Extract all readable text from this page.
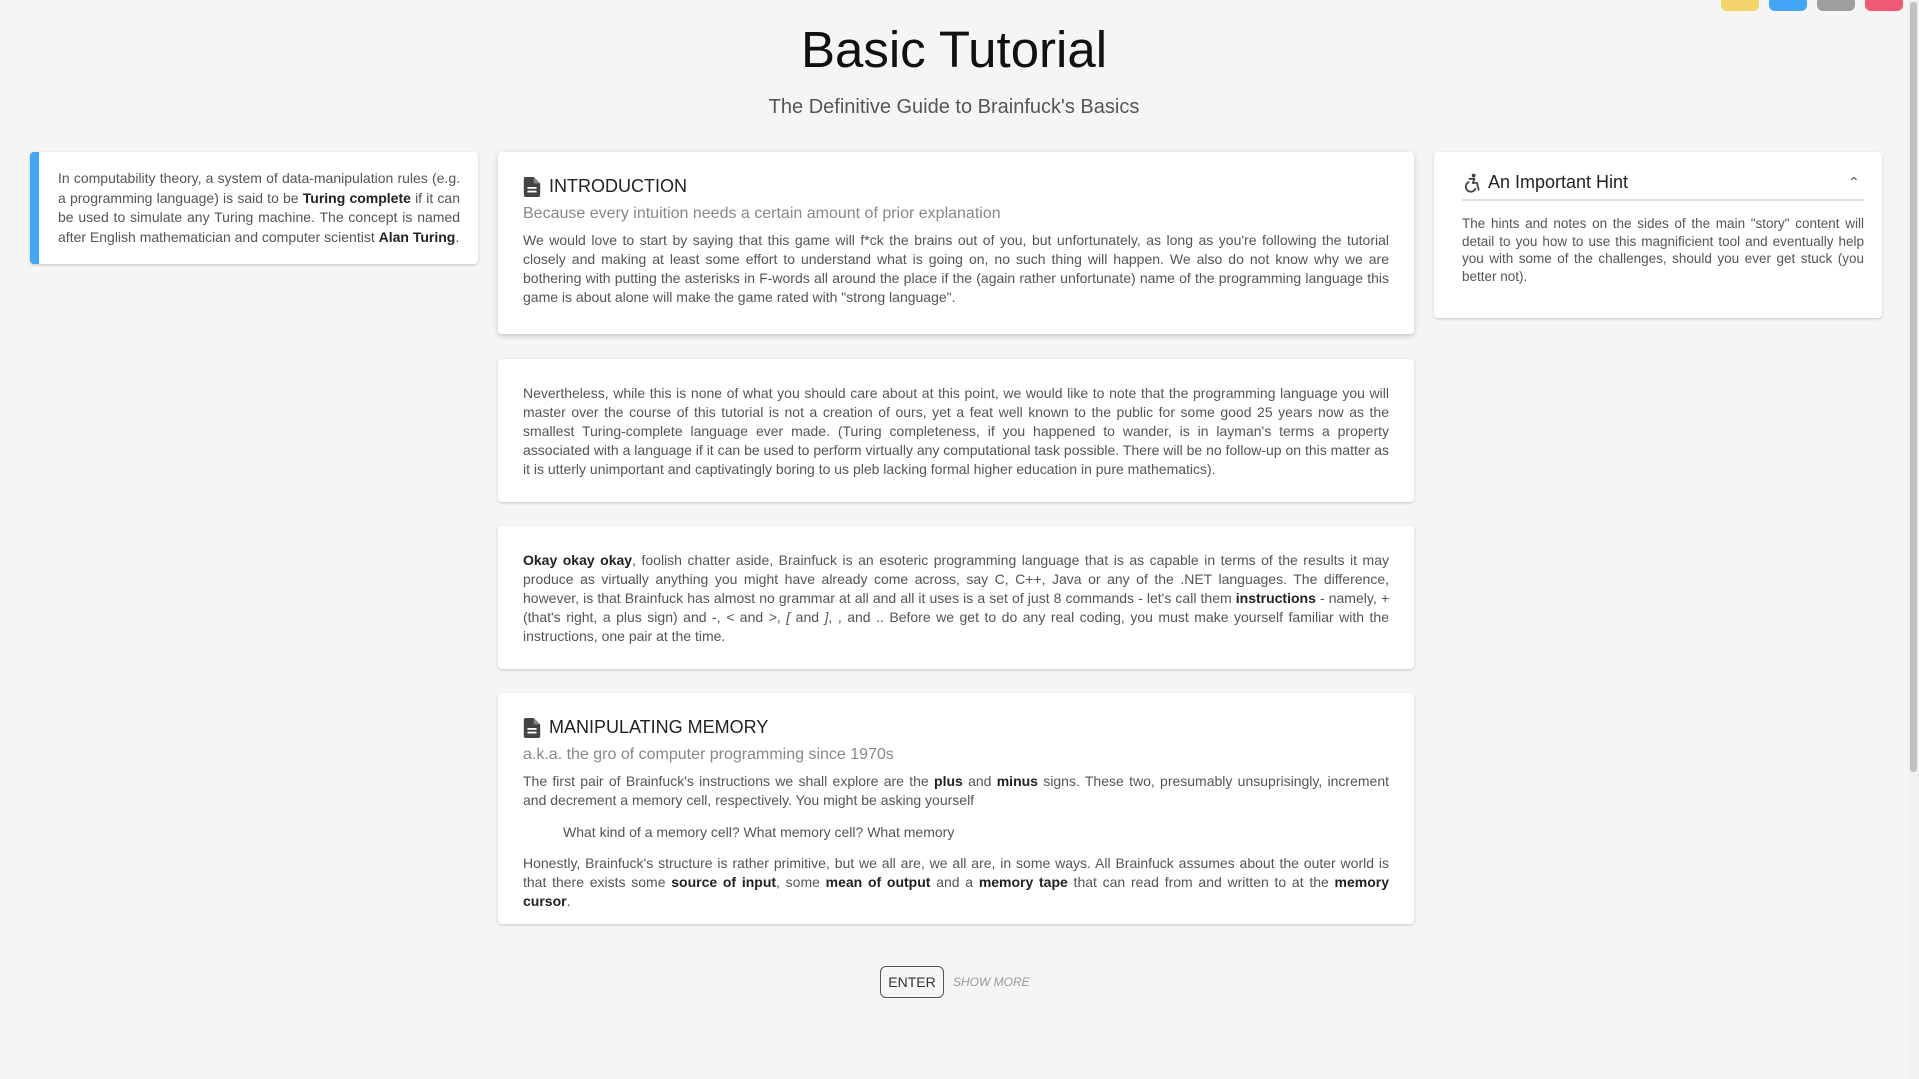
Basic Tutorial

The Definitive Guide to Brainfuck's Basics

In computability theory, a system of data-manipulation rules (e.g. a programming language) is said to be Turing complete if it can be used to simulate any Turing machine. The concept is named after English mathematician and computer scientist Alan Turing.
INTRODUCTION
Because every intuition needs a certain amount of prior explanation

We would love to start by saying that this game will f*ck the brains out of you, but unfortunately, as long as you're following the tutorial closely and making at least some effort to understand what is going on, no such thing will happen. We also do not know why we are bothering with putting the asterisks in F-words all around the place if the (again rather unfortunate) name of the programming language this game is about alone will make the game rated with "strong language".

Nevertheless, while this is none of what you should care about at this point, we would like to note that the programming language you will master over the course of this tutorial is not a creation of ours, yet a feat well known to the public for some good 25 years now as the smallest Turing-complete language ever made. (Turing completeness, if you happened to wander, is in layman's terms a property associated with a language if it can be used to perform virtually any computational task possible. There will be no follow-up on this matter as it is utterly unimportant and captivatingly boring to us pleb lacking formal higher education in pure mathematics).

Okay okay okay, foolish chatter aside, Brainfuck is an esoteric programming language that is as capable in terms of the results it may produce as virtually anything you might have already come across, say C, C++, Java or any of the .NET languages. The difference, however, is that Brainfuck has almost no grammar at all and all it uses is a set of just 8 commands - let's call them instructions - namely, + (that's right, a plus sign) and -, < and >, [ and ], , and .. Before we get to do any real coding, you must make yourself familiar with the instructions, one pair at the time.

MANIPULATING MEMORY
a.k.a. the gro of computer programming since 1970s

The first pair of Brainfuck's instructions we shall explore are the plus and minus signs. These two, presumably unsuprisingly, increment and decrement a memory cell, respectively. You might be asking yourself

What kind of a memory cell? What memory cell? What memory

Honestly, Brainfuck's structure is rather primitive, but we all are, we all are, in some ways. All Brainfuck assumes about the outer world is that there exists some source of input, some mean of output and a memory tape that can read from and written to at the memory cursor.

An Important Hint	⌃
The hints and notes on the sides of the main "story" content will detail to you how to use this magnificient tool and eventually help you with some of the challenges, should you ever get stuck (you better not).
ENTER	SHOW MORE
